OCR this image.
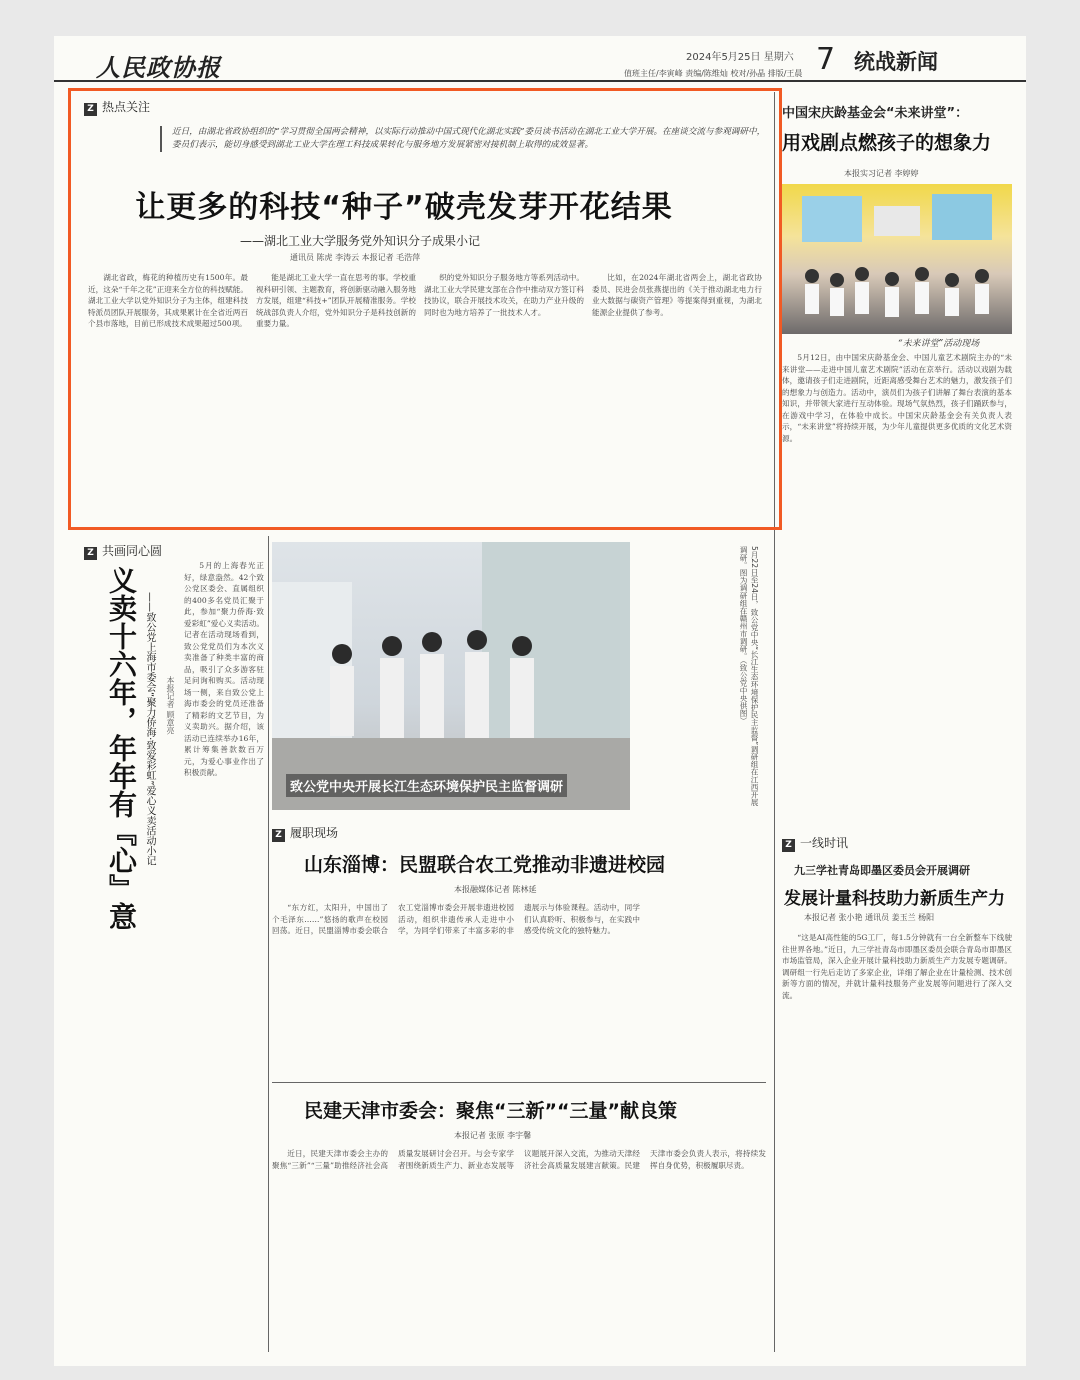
人民政协报	2024年5月25日 星期六
值班主任/李寅峰 责编/陈维灿 校对/孙晶 排版/王晨 7 统战新闻
Z 热点关注
近日，由湖北省政协组织的“学习贯彻全国两会精神，以实际行动推动中国式现代化湖北实践”委员读书活动在湖北工业大学开展。在座谈交流与参观调研中，委员们表示，能切身感受到湖北工业大学在理工科技成果转化与服务地方发展紧密对接机制上取得的成效显著。
让更多的科技“种子”破壳发芽开花结果
——湖北工业大学服务党外知识分子成果小记
通讯员 陈虎 李涛云 本报记者 毛浩萍
湖北省政，梅花的种植历史有1500年。最近，这朵“千年之花”正迎来全方位的科技赋能。湖北工业大学以党外知识分子为主体，组建科技特派员团队开展服务，其成果累计在全省近两百个县市落地，目前已形成技术成果超过500项。
能是湖北工业大学一直在思考的事。学校重视科研引领、主题教育，将创新驱动融入服务地方发展，组建“科技+”团队开展精准服务。学校统战部负责人介绍，党外知识分子是科技创新的重要力量。
织的党外知识分子服务地方等系列活动中。湖北工业大学民建支部在合作中推动双方签订科技协议，联合开展技术攻关，在助力产业升级的同时也为地方培养了一批技术人才。
比如，在2024年湖北省两会上，湖北省政协委员、民进会员张燕提出的《关于推动湖北电力行业大数据与碳资产管理》等提案得到重视，为湖北能源企业提供了参考。
中国宋庆龄基金会“未来讲堂”：
用戏剧点燃孩子的想象力
本报实习记者 李婷婷
“未来讲堂”活动现场
5月12日，由中国宋庆龄基金会、中国儿童艺术剧院主办的“未来讲堂——走进中国儿童艺术剧院”活动在京举行。活动以戏剧为载体，邀请孩子们走进剧院，近距离感受舞台艺术的魅力，激发孩子们的想象力与创造力。活动中，演员们为孩子们讲解了舞台表演的基本知识，并带领大家进行互动体验。现场气氛热烈，孩子们踊跃参与，在游戏中学习，在体验中成长。中国宋庆龄基金会有关负责人表示，“未来讲堂”将持续开展，为少年儿童提供更多优质的文化艺术资源。
Z 共画同心圆
义卖十六年，年年有『心』意 ——致公党上海市委会“聚力侨海·致爱彩虹”爱心义卖活动小记 本报记者 顾意亮
5月的上海春光正好，绿意盎然。42个致公党区委会、直属组织的400多名党员汇聚于此，参加“聚力侨海·致爱彩虹”爱心义卖活动。记者在活动现场看到，致公党党员们为本次义卖准备了种类丰富的商品，吸引了众多游客驻足问询和购买。活动现场一侧，来自致公党上海市委会的党员还准备了精彩的文艺节目，为义卖助兴。据介绍，该活动已连续举办16年，累计筹集善款数百万元，为爱心事业作出了积极贡献。
致公党中央开展长江生态环境保护民主监督调研	5月22日至24日，致公党中央“长江生态环境保护民主监督”调研组在江西开展调研。图为调研组在赣州市调研。（致公党中央供图）
Z 履职现场
山东淄博：民盟联合农工党推动非遗进校园
本报融媒体记者 陈林延
“东方红，太阳升，中国出了个毛泽东……”悠扬的歌声在校园回荡。近日，民盟淄博市委会联合农工党淄博市委会开展非遗进校园活动，组织非遗传承人走进中小学，为同学们带来了丰富多彩的非遗展示与体验课程。活动中，同学们认真聆听、积极参与，在实践中感受传统文化的独特魅力。
民建天津市委会：聚焦“三新”“三量”献良策
本报记者 张原 李宇馨
近日，民建天津市委会主办的聚焦“三新”“三量”助推经济社会高质量发展研讨会召开。与会专家学者围绕新质生产力、新业态发展等议题展开深入交流，为推动天津经济社会高质量发展建言献策。民建天津市委会负责人表示，将持续发挥自身优势，积极履职尽责。
Z 一线时讯
九三学社青岛即墨区委员会开展调研
发展计量科技助力新质生产力
本报记者 张小艳 通讯员 姜玉兰 杨阳
“这是AI高性能的5G工厂，每1.5分钟就有一台全新整车下线驶往世界各地。”近日，九三学社青岛市即墨区委员会联合青岛市即墨区市场监管局，深入企业开展计量科技助力新质生产力发展专题调研。调研组一行先后走访了多家企业，详细了解企业在计量检测、技术创新等方面的情况，并就计量科技服务产业发展等问题进行了深入交流。
